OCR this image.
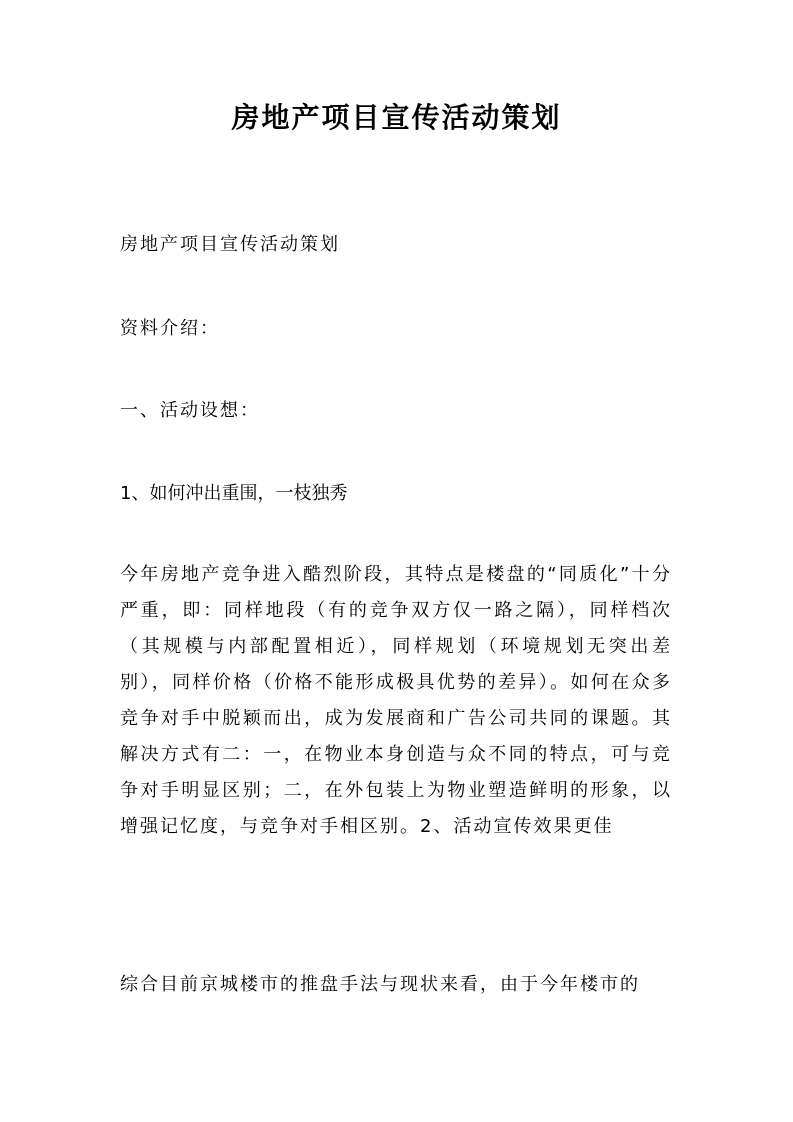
房地产项目宣传活动策划
房地产项目宣传活动策划
资料介绍：
一、活动设想：
1、如何冲出重围，一枝独秀
今年房地产竞争进入酷烈阶段，其特点是楼盘的“同质化”十分严重，即：同样地段（有的竞争双方仅一路之隔），同样档次（其规模与内部配置相近），同样规划（环境规划无突出差别），同样价格（价格不能形成极具优势的差异）。如何在众多竞争对手中脱颖而出，成为发展商和广告公司共同的课题。其解决方式有二：一，在物业本身创造与众不同的特点，可与竞争对手明显区别；二，在外包装上为物业塑造鲜明的形象，以增强记忆度，与竞争对手相区别。2、活动宣传效果更佳
综合目前京城楼市的推盘手法与现状来看，由于今年楼市的
